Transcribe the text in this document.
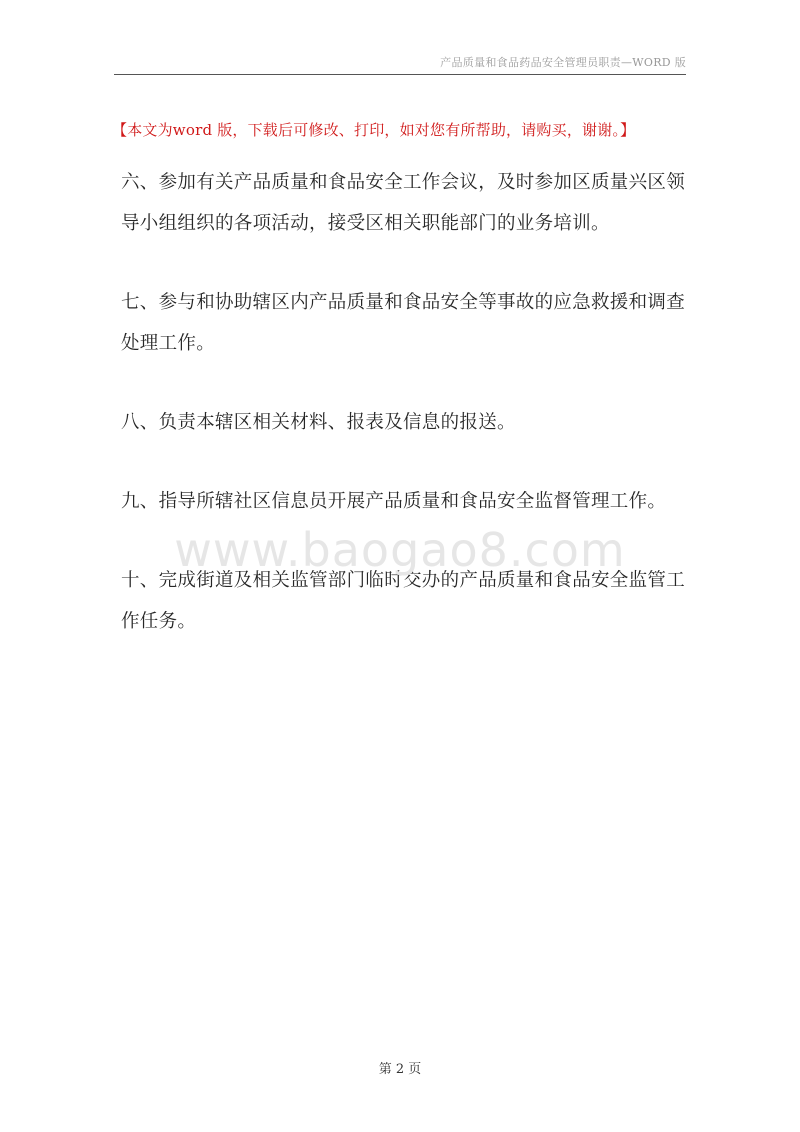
产品质量和食品药品安全管理员职责—WORD 版
【本文为word 版，下载后可修改、打印，如对您有所帮助，请购买，谢谢。】

六、参加有关产品质量和食品安全工作会议，及时参加区质量兴区领导小组组织的各项活动，接受区相关职能部门的业务培训。

七、参与和协助辖区内产品质量和食品安全等事故的应急救援和调查处理工作。

八、负责本辖区相关材料、报表及信息的报送。

九、指导所辖社区信息员开展产品质量和食品安全监督管理工作。

十、完成街道及相关监管部门临时交办的产品质量和食品安全监管工作任务。

www.baogao8.com
第 2 页
